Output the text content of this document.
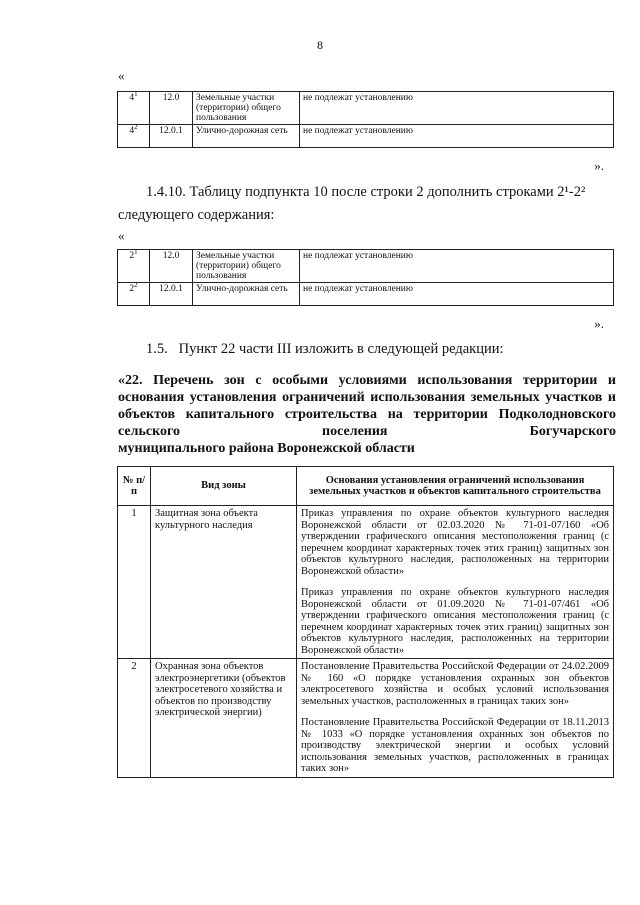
8
«
$4^1$	12.0	Земельные участки (территории) общего пользования	не подлежат установлению
$4^2$	12.0.1	Улично-дорожная сеть	не подлежат установлению
».
1.4.10. Таблицу подпункта 10 после строки 2 дополнить строками 2¹-2²
следующего содержания:
«
$2^1$	12.0	Земельные участки (территории) общего пользования	не подлежат установлению
$2^2$	12.0.1	Улично-дорожная сеть	не подлежат установлению
».
1.5.   Пункт 22 части III изложить в следующей редакции:
«22. Перечень зон с особыми условиями использования территории и основания установления ограничений использования земельных участков и объектов капитального строительства на территории Подколодновского сельского поселения Богучарского
муниципального района Воронежской области
№ п/п	Вид зоны	Основания установления ограничений использования земельных участков и объектов капитального строительства
1	Защитная зона объекта культурного наследия	Приказ управления по охране объектов культурного наследия Воронежской области от 02.03.2020 № 71-01-07/160 «Об утверждении графического описания местоположения границ (с перечнем координат характерных точек этих границ) защитных зон объектов культурного наследия, расположенных на территории Воронежской области»

Приказ управления по охране объектов культурного наследия Воронежской области от 01.09.2020 № 71-01-07/461 «Об утверждении графического описания местоположения границ (с перечнем координат характерных точек этих границ) защитных зон объектов культурного наследия, расположенных на территории Воронежской области»

2	Охранная зона объектов электроэнергетики (объектов электросетевого хозяйства и объектов по производству электрической энергии)	Постановление Правительства Российской Федерации от 24.02.2009 № 160 «О порядке установления охранных зон объектов электросетевого хозяйства и особых условий использования земельных участков, расположенных в границах таких зон»

Постановление Правительства Российской Федерации от 18.11.2013 № 1033 «О порядке установления охранных зон объектов по производству электрической энергии и особых условий использования земельных участков, расположенных в границах таких зон»
